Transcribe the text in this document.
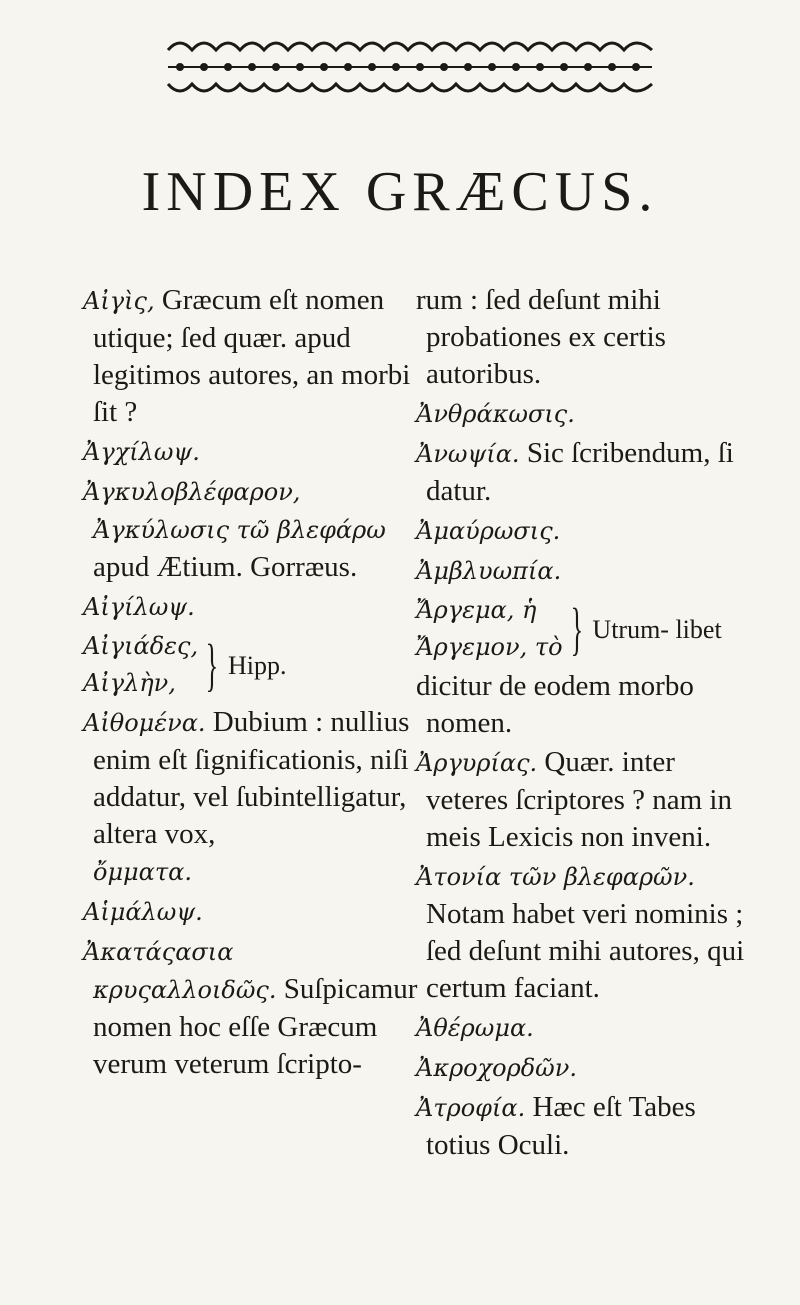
INDEX GRÆCUS.
Αἰγὶς, Græcum eſt nomen utique; ſed quær. apud legitimos autores, an morbi ſit ?
Ἀγχίλωψ.
Ἀγκυλοβλέφαρον, Ἀγκύλωσις τῶ βλεφάρω apud Ætium. Gorræus.
Αἰγίλωψ.
Αἰγιάδες,
Αἰγλὴν, } Hipp.
Αἰθομένα. Dubium : nullius enim eſt ſignificationis, niſi addatur, vel ſubintelligatur, altera vox,
ὄμματα.
Αἱμάλωψ.
Ἀκατάςασια κρυςαλλοιδῶς. Suſpicamur nomen hoc eſſe Græcum verum veterum ſcripto-
rum : ſed deſunt mihi probationes ex certis autoribus.
Ἀνθράκωσις.
Ἀνωψία. Sic ſcribendum, ſi datur.
Ἀμαύρωσις.
Ἀμβλυωπία.
Ἄργεμα, ἡ
Ἄργεμον, τὸ } Utrum- libet
dicitur de eodem morbo nomen.
Ἀργυρίας. Quær. inter veteres ſcriptores ? nam in meis Lexicis non inveni.
Ἀτονία τῶν βλεφαρῶν. Notam habet veri nominis ; ſed deſunt mihi autores, qui certum faciant.
Ἀθέρωμα.
Ἀκροχορδῶν.
Ἀτροφία. Hæc eſt Tabes totius Oculi.
